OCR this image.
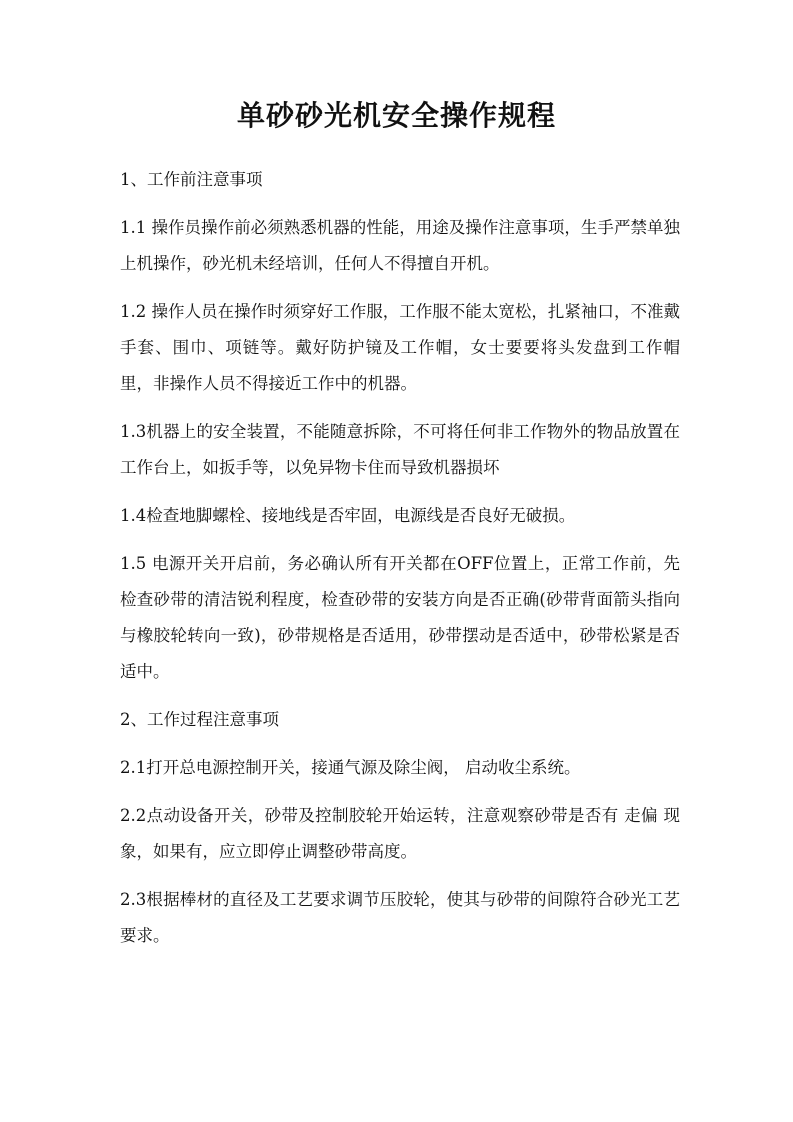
单砂砂光机安全操作规程

1、工作前注意事项

1.1 操作员操作前必须熟悉机器的性能，用途及操作注意事项，生手严禁单独上机操作，砂光机未经培训，任何人不得擅自开机。

1.2 操作人员在操作时须穿好工作服，工作服不能太宽松，扎紧袖口，不准戴手套、围巾、项链等。戴好防护镜及工作帽，女士要要将头发盘到工作帽里，非操作人员不得接近工作中的机器。

1.3机器上的安全装置，不能随意拆除，不可将任何非工作物外的物品放置在工作台上，如扳手等，以免异物卡住而导致机器损坏

1.4检查地脚螺栓、接地线是否牢固，电源线是否良好无破损。

1.5 电源开关开启前，务必确认所有开关都在OFF位置上，正常工作前，先检查砂带的清洁锐利程度，检查砂带的安装方向是否正确(砂带背面箭头指向与橡胶轮转向一致)，砂带规格是否适用，砂带摆动是否适中，砂带松紧是否适中。

2、工作过程注意事项

2.1打开总电源控制开关，接通气源及除尘阀， 启动收尘系统。

2.2点动设备开关，砂带及控制胶轮开始运转，注意观察砂带是否有 走偏 现象，如果有，应立即停止调整砂带高度。

2.3根据棒材的直径及工艺要求调节压胶轮，使其与砂带的间隙符合砂光工艺要求。
